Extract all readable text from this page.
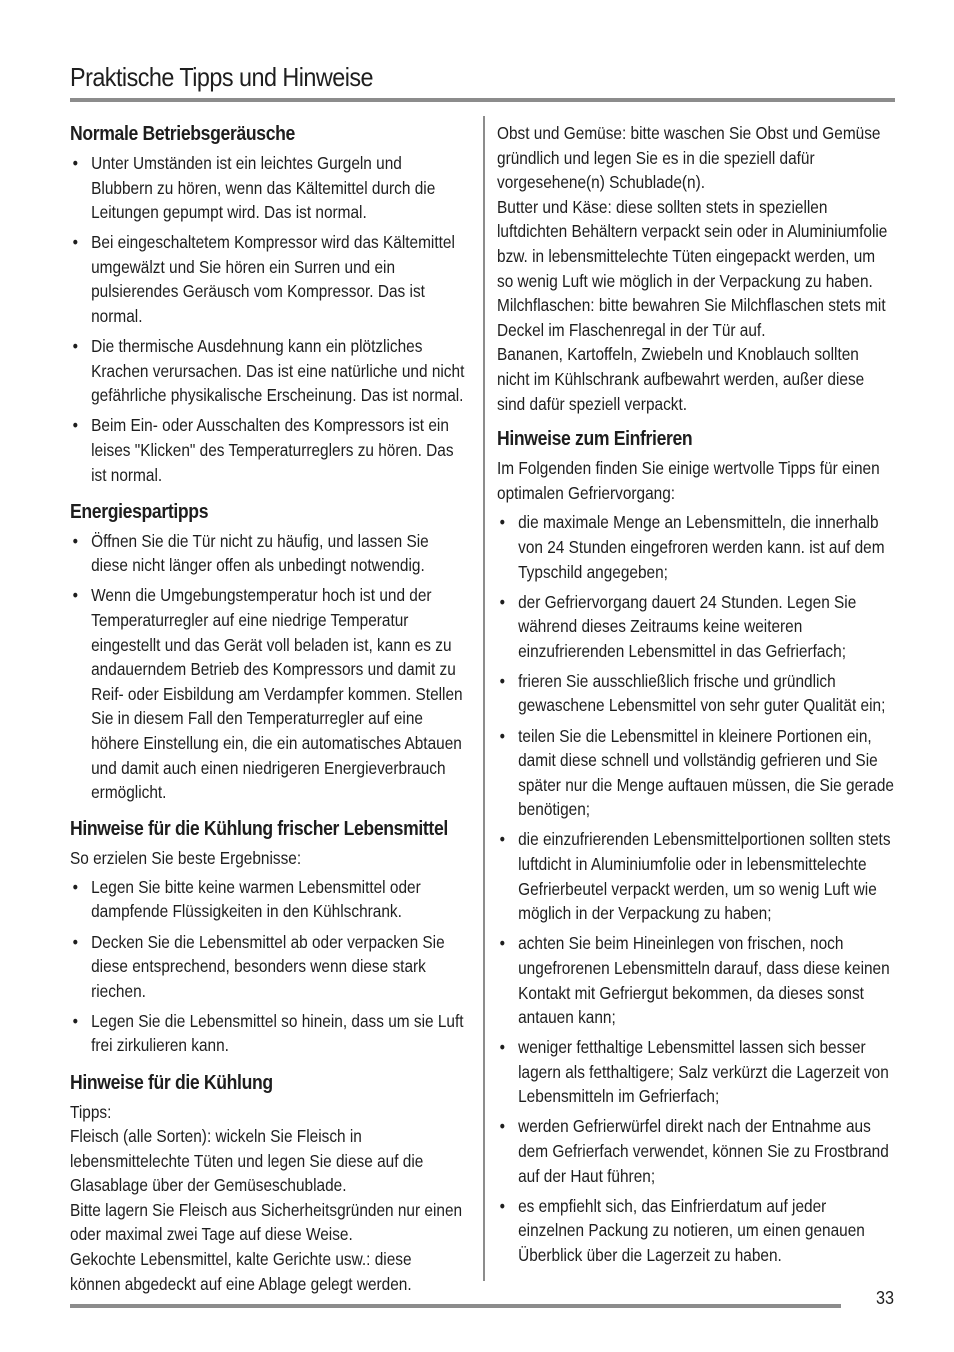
Praktische Tipps und Hinweise
Normale Betriebsgeräusche
• Unter Umständen ist ein leichtes Gurgeln und Blubbern zu hören, wenn das Kältemittel durch die Leitungen gepumpt wird. Das ist normal.
• Bei eingeschaltetem Kompressor wird das Kältemittel umgewälzt und Sie hören ein Surren und ein pulsierendes Geräusch vom Kompressor. Das ist normal.
• Die thermische Ausdehnung kann ein plötzliches Krachen verursachen. Das ist eine natürliche und nicht gefährliche physikalische Erscheinung. Das ist normal.
• Beim Ein- oder Ausschalten des Kompressors ist ein leises "Klicken" des Temperaturreglers zu hören. Das ist normal.
Energiespartipps
• Öffnen Sie die Tür nicht zu häufig, und lassen Sie diese nicht länger offen als unbedingt notwendig.
• Wenn die Umgebungstemperatur hoch ist und der Temperaturregler auf eine niedrige Temperatur eingestellt und das Gerät voll beladen ist, kann es zu andauerndem Betrieb des Kompressors und damit zu Reif- oder Eisbildung am Verdampfer kommen. Stellen Sie in diesem Fall den Temperaturregler auf eine höhere Einstellung ein, die ein automatisches Abtauen und damit auch einen niedrigeren Energieverbrauch ermöglicht.
Hinweise für die Kühlung frischer Lebensmittel

So erzielen Sie beste Ergebnisse:

• Legen Sie bitte keine warmen Lebensmittel oder dampfende Flüssigkeiten in den Kühlschrank.
• Decken Sie die Lebensmittel ab oder verpacken Sie diese entsprechend, besonders wenn diese stark riechen.
• Legen Sie die Lebensmittel so hinein, dass um sie Luft frei zirkulieren kann.
Hinweise für die Kühlung

Tipps:

Fleisch (alle Sorten): wickeln Sie Fleisch in lebensmittelechte Tüten und legen Sie diese auf die Glasablage über der Gemüseschublade.

Bitte lagern Sie Fleisch aus Sicherheitsgründen nur einen oder maximal zwei Tage auf diese Weise.

Gekochte Lebensmittel, kalte Gerichte usw.: diese können abgedeckt auf eine Ablage gelegt werden.

Obst und Gemüse: bitte waschen Sie Obst und Gemüse gründlich und legen Sie es in die speziell dafür vorgesehene(n) Schublade(n).

Butter und Käse: diese sollten stets in speziellen luftdichten Behältern verpackt sein oder in Aluminiumfolie bzw. in lebensmittelechte Tüten eingepackt werden, um so wenig Luft wie möglich in der Verpackung zu haben.

Milchflaschen: bitte bewahren Sie Milchflaschen stets mit Deckel im Flaschenregal in der Tür auf.

Bananen, Kartoffeln, Zwiebeln und Knoblauch sollten nicht im Kühlschrank aufbewahrt werden, außer diese sind dafür speziell verpackt.

Hinweise zum Einfrieren

Im Folgenden finden Sie einige wertvolle Tipps für einen optimalen Gefriervorgang:

• die maximale Menge an Lebensmitteln, die innerhalb von 24 Stunden eingefroren werden kann. ist auf dem Typschild angegeben;
• der Gefriervorgang dauert 24 Stunden. Legen Sie während dieses Zeitraums keine weiteren einzufrierenden Lebensmittel in das Gefrierfach;
• frieren Sie ausschließlich frische und gründlich gewaschene Lebensmittel von sehr guter Qualität ein;
• teilen Sie die Lebensmittel in kleinere Portionen ein, damit diese schnell und vollständig gefrieren und Sie später nur die Menge auftauen müssen, die Sie gerade benötigen;
• die einzufrierenden Lebensmittelportionen sollten stets luftdicht in Aluminiumfolie oder in lebensmittelechte Gefrierbeutel verpackt werden, um so wenig Luft wie möglich in der Verpackung zu haben;
• achten Sie beim Hineinlegen von frischen, noch ungefrorenen Lebensmitteln darauf, dass diese keinen Kontakt mit Gefriergut bekommen, da dieses sonst antauen kann;
• weniger fetthaltige Lebensmittel lassen sich besser lagern als fetthaltigere; Salz verkürzt die Lagerzeit von Lebensmitteln im Gefrierfach;
• werden Gefrierwürfel direkt nach der Entnahme aus dem Gefrierfach verwendet, können Sie zu Frostbrand auf der Haut führen;
• es empfiehlt sich, das Einfrierdatum auf jeder einzelnen Packung zu notieren, um einen genauen Überblick über die Lagerzeit zu haben.
33
